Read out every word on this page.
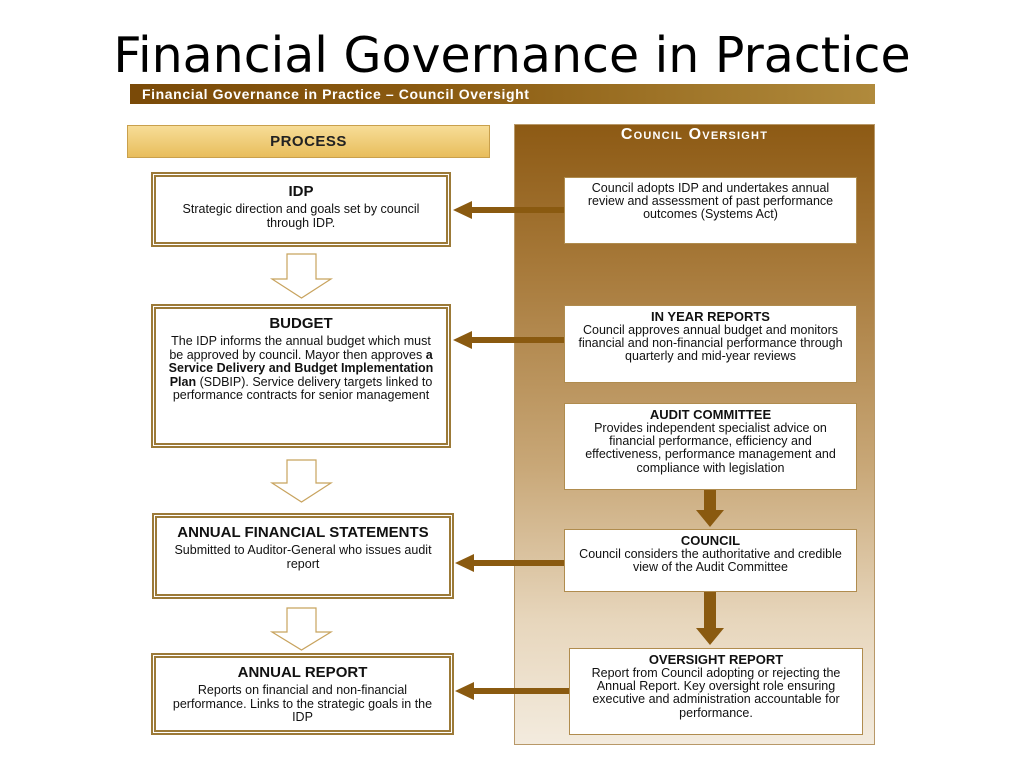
Financial Governance in Practice
Financial Governance in Practice – Council Oversight
PROCESS	Council Oversight
IDP
Strategic direction and goals set by council through IDP.
BUDGET
The IDP informs the annual budget which must be approved by council. Mayor then approves a Service Delivery and Budget Implementation Plan (SDBIP). Service delivery targets linked to performance contracts for senior management
ANNUAL FINANCIAL STATEMENTS
Submitted to Auditor-General who issues audit report
ANNUAL REPORT
Reports on financial and non-financial performance. Links to the strategic goals in the IDP
Council adopts IDP and undertakes annual review and assessment of past performance outcomes (Systems Act)
IN YEAR REPORTS
Council approves annual budget and monitors financial and non-financial performance through quarterly and mid-year reviews
AUDIT COMMITTEE
Provides independent specialist advice on financial performance, efficiency and effectiveness, performance management and compliance with legislation
COUNCIL
Council considers the authoritative and credible view of the Audit Committee
OVERSIGHT REPORT
Report from Council adopting or rejecting the Annual Report. Key oversight role ensuring executive and administration accountable for performance.
